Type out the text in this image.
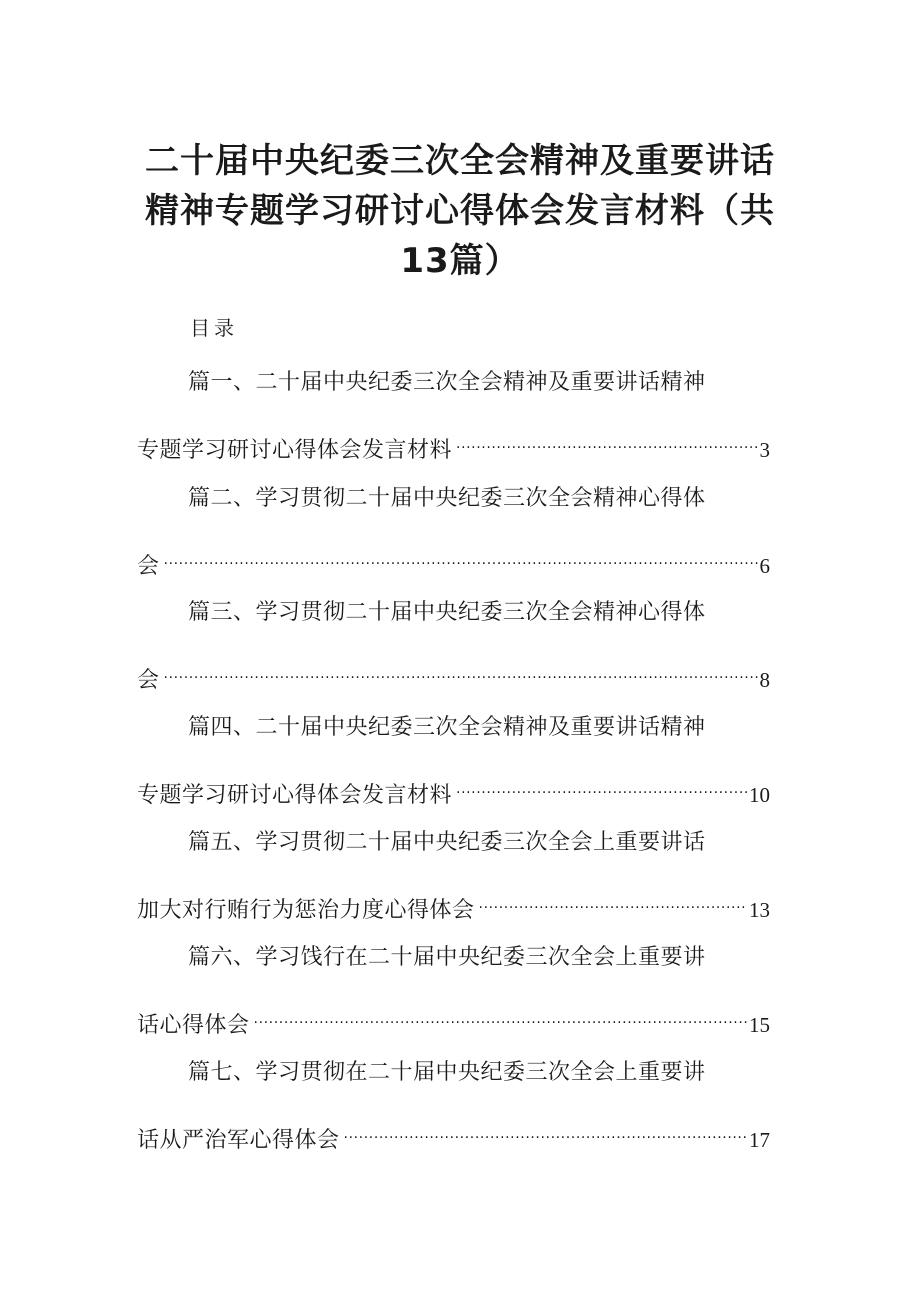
二十届中央纪委三次全会精神及重要讲话精神专题学习研讨心得体会发言材料（共13篇）
目录
篇一、二十届中央纪委三次全会精神及重要讲话精神
专题学习研讨心得体会发言材料 .....	3
篇二、学习贯彻二十届中央纪委三次全会精神心得体
会 .....	6
篇三、学习贯彻二十届中央纪委三次全会精神心得体
会 .....	8
篇四、二十届中央纪委三次全会精神及重要讲话精神
专题学习研讨心得体会发言材料 .....	10
篇五、学习贯彻二十届中央纪委三次全会上重要讲话
加大对行贿行为惩治力度心得体会 .....	13
篇六、学习饯行在二十届中央纪委三次全会上重要讲
话心得体会 .....	15
篇七、学习贯彻在二十届中央纪委三次全会上重要讲
话从严治军心得体会 .....	17
